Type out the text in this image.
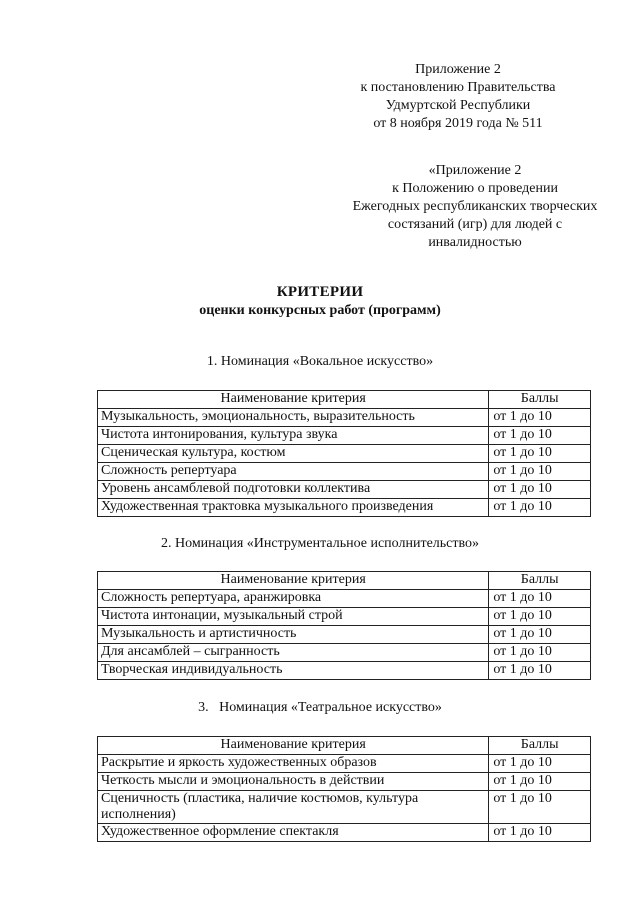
Приложение 2
к постановлению Правительства
Удмуртской Республики
от 8 ноября 2019 года № 511
«Приложение 2
к Положению о проведении
Ежегодных республиканских творческих
состязаний (игр) для людей с
инвалидностью
КРИТЕРИИ
оценки конкурсных работ (программ)
1. Номинация «Вокальное искусство»
Наименование критерия	Баллы
Музыкальность, эмоциональность, выразительность	от 1 до 10
Чистота интонирования, культура звука	от 1 до 10
Сценическая культура, костюм	от 1 до 10
Сложность репертуара	от 1 до 10
Уровень ансамблевой подготовки коллектива	от 1 до 10
Художественная трактовка музыкального произведения	от 1 до 10
2. Номинация «Инструментальное исполнительство»
Наименование критерия	Баллы
Сложность репертуара, аранжировка	от 1 до 10
Чистота интонации, музыкальный строй	от 1 до 10
Музыкальность и артистичность	от 1 до 10
Для ансамблей – сыгранность	от 1 до 10
Творческая индивидуальность	от 1 до 10
3.   Номинация «Театральное искусство»
Наименование критерия	Баллы
Раскрытие и яркость художественных образов	от 1 до 10
Четкость мысли и эмоциональность в действии	от 1 до 10
Сценичность (пластика, наличие костюмов, культура исполнения)	от 1 до 10
Художественное оформление спектакля	от 1 до 10
